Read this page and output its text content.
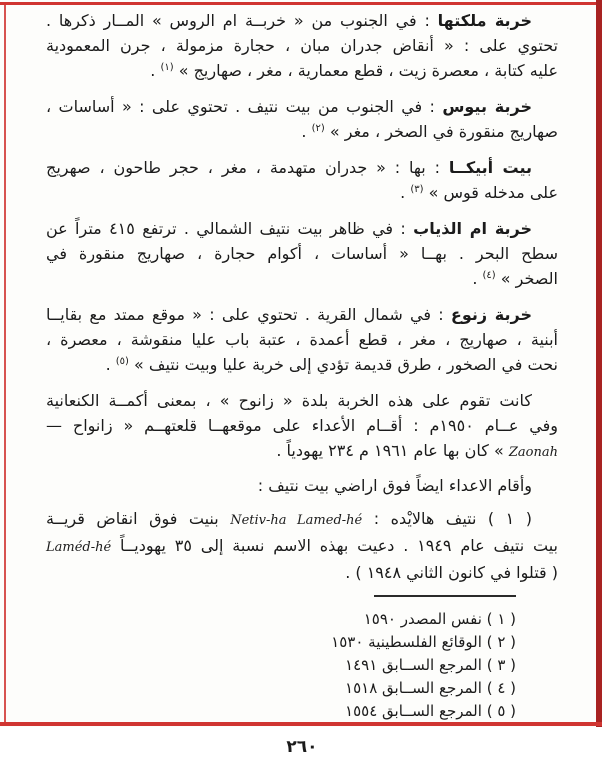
خربة ملكتها : في الجنوب من « خربــة ام الروس » المــار ذكرها .
تحتوي على : « أنقاض جدران مبان ، حجارة مزمولة ، جرن المعمودية
عليه كتابة ، معصرة زيت ، قطع معمارية ، مغر ، صهاريج » $^{(١)}$ .
خربة بيوس : في الجنوب من بيت نتيف . تحتوي على : « أساسات ،
صهاريج منقورة في الصخر ، مغر » $^{(٢)}$ .
بيت أبيكــا : بها : « جدران متهدمة ، مغر ، حجر طاحون ، صهريج
على مدخله قوس » $^{(٣)}$ .
خربة ام الذياب : في ظاهر بيت نتيف الشمالي . ترتفع ٤١٥ متراً عن
سطح البحر . بهــا « أساسات ، أكوام حجارة ، صهاريج منقورة في
الصخر » $^{(٤)}$ .
خربة زنوع : في شمال القرية . تحتوي على : « موقع ممتد مع بقايــا
أبنية ، صهاريج ، مغر ، قطع أعمدة ، عتبة باب عليا منقوشة ، معصرة ،
نحت في الصخور ، طرق قديمة تؤدي إلى خربة عليا وبيت نتيف » $^{(٥)}$ .
كانت تقوم على هذه الخربة بلدة « زانوح » ، بمعنى أكمــة الكنعانية
وفي عــام ١٩٥٠م : أقــام الأعداء على موقعهــا قلعتهــم « زانواح —
Zaonah » كان بها عام ١٩٦١ م ٢٣٤ يهودياً .
وأقام الاعداء ايضاً فوق اراضي بيت نتيف :
( ١ ) نتيف هالايْده : Netiv-ha Lamed-hé بنيت فوق انقاض قريــة
بيت نتيف عام ١٩٤٩ . دعيت بهذه الاسم نسبة إلى ٣٥ يهوديــاً Laméd-hé
( قتلوا في كانون الثاني ١٩٤٨ ) .
( ١ ) نفس المصدر ١٥٩٠
( ٢ ) الوقائع الفلسطينية ١٥٣٠
( ٣ ) المرجع الســابق ١٤٩١
( ٤ ) المرجع الســابق ١٥١٨
( ٥ ) المرجع الســابق ١٥٥٤
٢٦٠
